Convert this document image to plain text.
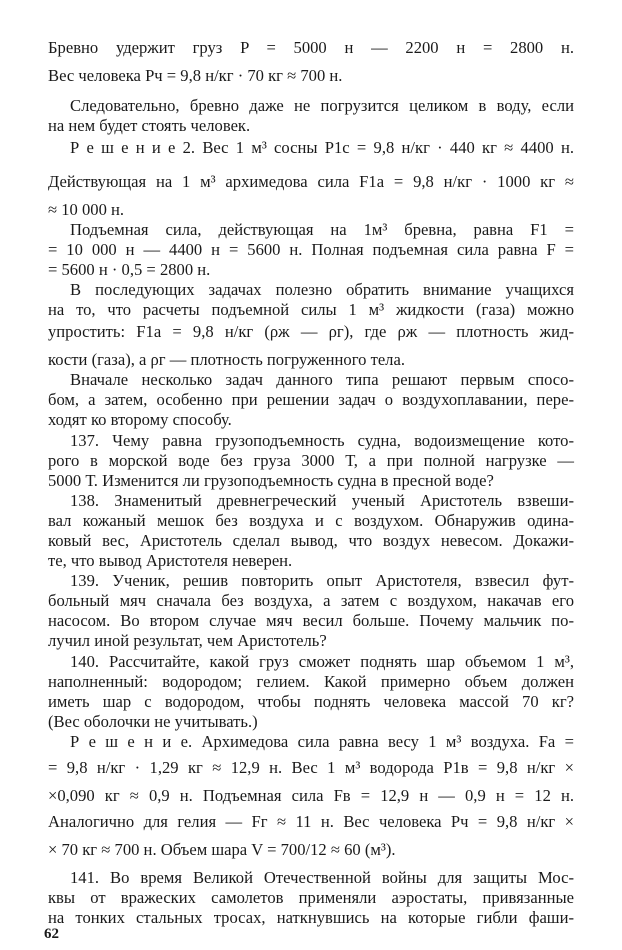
Бревно удержит груз P = 5000 н — 2200 н = 2800 н.
Вес человека Pч = 9,8 н/кг · 70 кг ≈ 700 н.
Следовательно, бревно даже не погрузится целиком в воду, если
на нем будет стоять человек.
Р е ш е н и е 2. Вес 1 м³ сосны P1с = 9,8 н/кг · 440 кг ≈ 4400 н.
Действующая на 1 м³ архимедова сила F1а = 9,8 н/кг · 1000 кг ≈
≈ 10 000 н.
Подъемная сила, действующая на 1м³ бревна, равна F1 =
= 10 000 н — 4400 н = 5600 н. Полная подъемная сила равна F =
= 5600 н · 0,5 = 2800 н.
В последующих задачах полезно обратить внимание учащихся
на то, что расчеты подъемной силы 1 м³ жидкости (газа) можно
упростить: F1а = 9,8 н/кг (ρж — ρг), где ρж — плотность жид-
кости (газа), а ρг — плотность погруженного тела.
Вначале несколько задач данного типа решают первым спосо-
бом, а затем, особенно при решении задач о воздухоплавании, пере-
ходят ко второму способу.
137. Чему равна грузоподъемность судна, водоизмещение кото-
рого в морской воде без груза 3000 Т, а при полной нагрузке —
5000 Т. Изменится ли грузоподъемность судна в пресной воде?
138. Знаменитый древнегреческий ученый Аристотель взвеши-
вал кожаный мешок без воздуха и с воздухом. Обнаружив одина-
ковый вес, Аристотель сделал вывод, что воздух невесом. Докажи-
те, что вывод Аристотеля неверен.
139. Ученик, решив повторить опыт Аристотеля, взвесил фут-
больный мяч сначала без воздуха, а затем с воздухом, накачав его
насосом. Во втором случае мяч весил больше. Почему мальчик по-
лучил иной результат, чем Аристотель?
140. Рассчитайте, какой груз сможет поднять шар объемом 1 м³,
наполненный: водородом; гелием. Какой примерно объем должен
иметь шар с водородом, чтобы поднять человека массой 70 кг?
(Вес оболочки не учитывать.)
Р е ш е н и е. Архимедова сила равна весу 1 м³ воздуха. Fа =
= 9,8 н/кг · 1,29 кг ≈ 12,9 н. Вес 1 м³ водорода P1в = 9,8 н/кг ×
×0,090 кг ≈ 0,9 н. Подъемная сила Fв = 12,9 н — 0,9 н = 12 н.
Аналогично для гелия — Fг ≈ 11 н. Вес человека Pч = 9,8 н/кг ×
× 70 кг ≈ 700 н. Объем шара V = 700/12 ≈ 60 (м³).
141. Во время Великой Отечественной войны для защиты Мос-
квы от вражеских самолетов применяли аэростаты, привязанные
на тонких стальных тросах, наткнувшись на которые гибли фаши-
62
